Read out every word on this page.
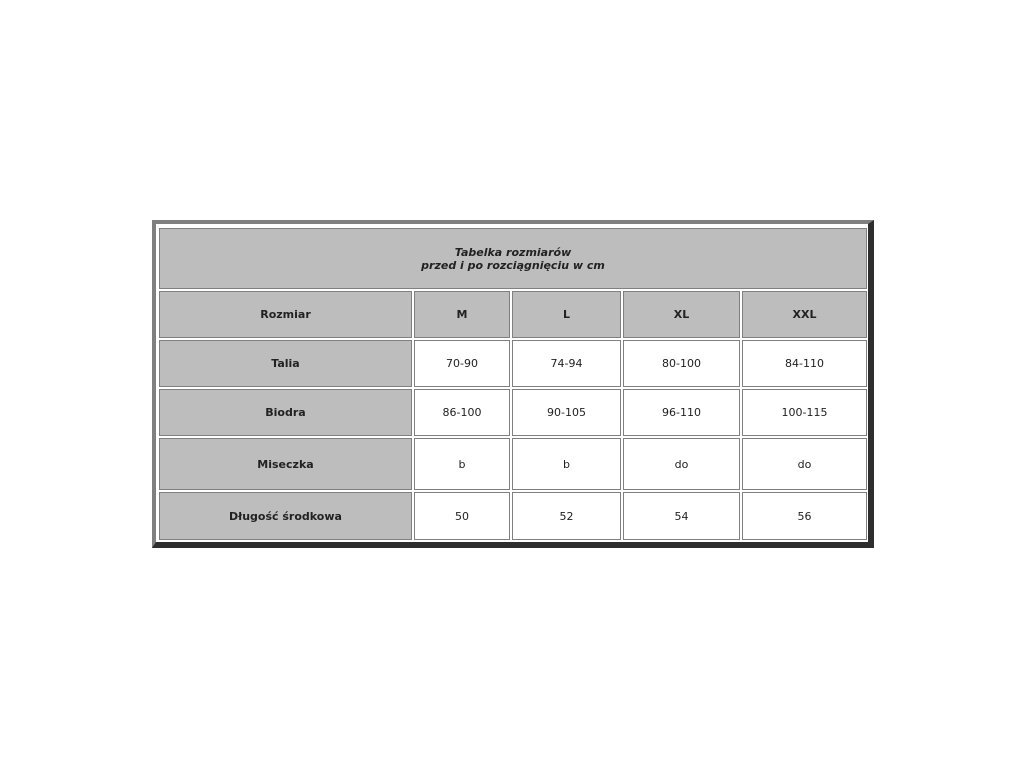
Tabelka rozmiarów
przed i po rozciągnięciu w cm				

Rozmiar	M	L	XL	XXL
Talia	70-90	74-94	80-100	84-110
Biodra	86-100	90-105	96-110	100-115
Miseczka	b	b	do	do
Długość środkowa	50	52	54	56
